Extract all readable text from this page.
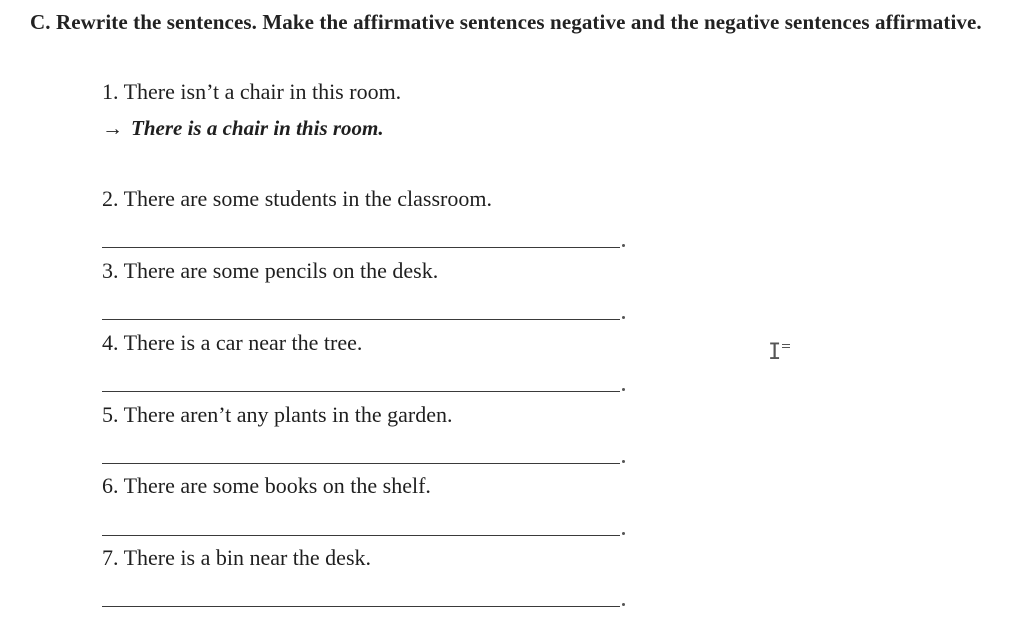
C. Rewrite the sentences. Make the affirmative sentences negative and the negative sentences affirmative.
1. There isn’t a chair in this room.
→ There is a chair in this room.
2. There are some students in the classroom.
3. There are some pencils on the desk.
4. There is a car near the tree.
5. There aren’t any plants in the garden.
6. There are some books on the shelf.
7. There is a bin near the desk.
I
